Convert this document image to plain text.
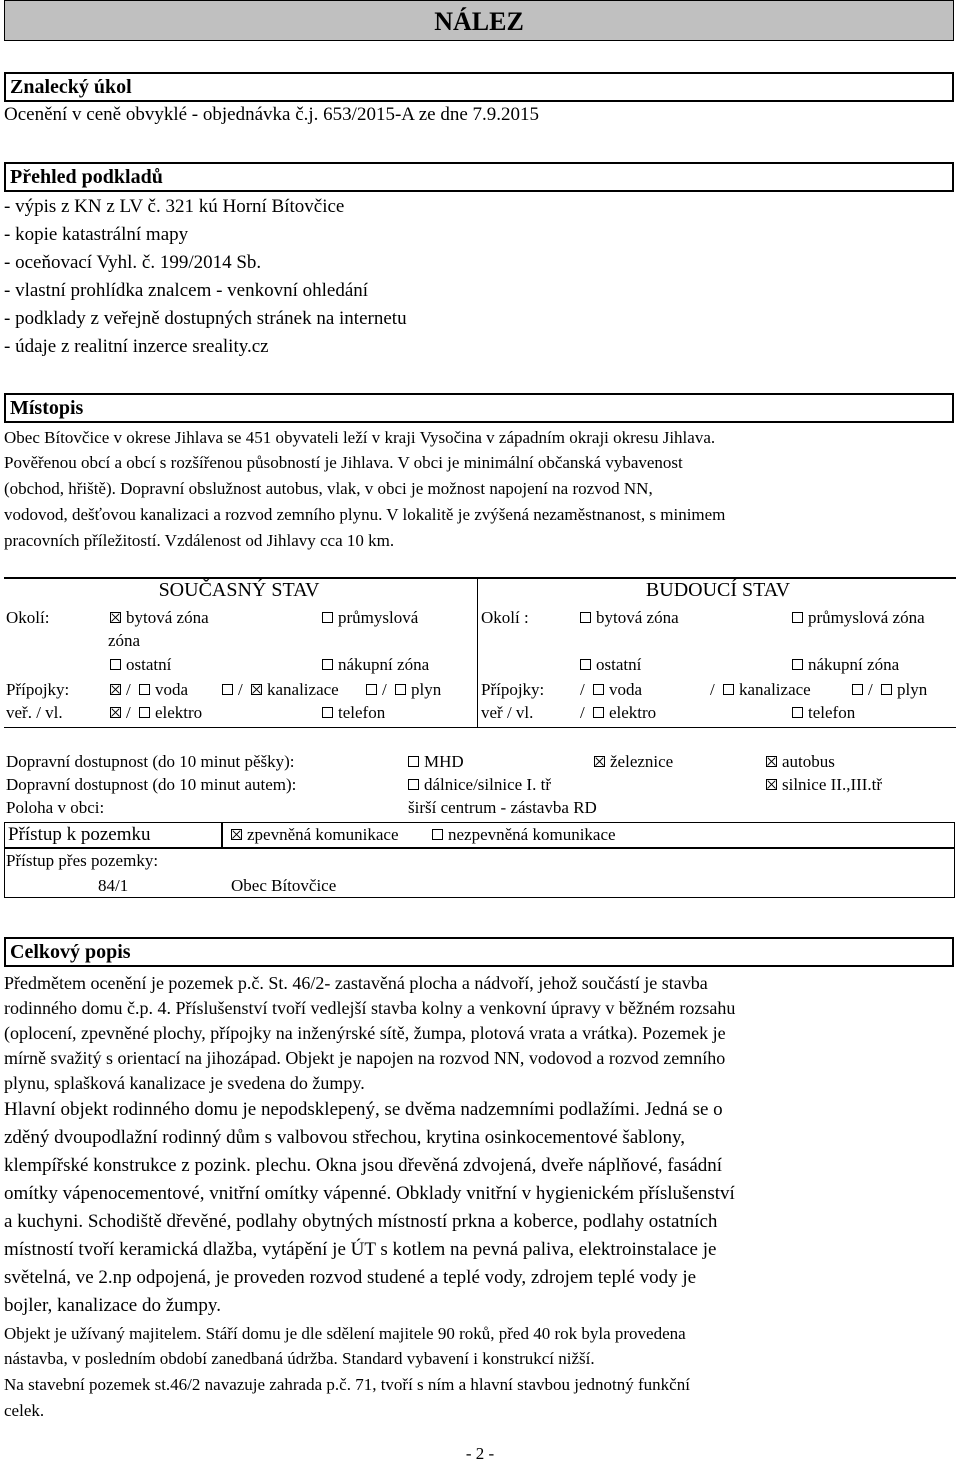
NÁLEZ
Znalecký úkol
Ocenění v ceně obvyklé - objednávka č.j. 653/2015-A ze dne 7.9.2015
Přehled podkladů
- výpis z KN z LV č. 321 kú Horní Bítovčice
- kopie katastrální mapy
- oceňovací Vyhl. č. 199/2014 Sb.
- vlastní prohlídka znalcem - venkovní ohledání
- podklady z veřejně dostupných stránek na internetu
- údaje z realitní inzerce sreality.cz
Místopis
Obec Bítovčice v okrese Jihlava se 451 obyvateli leží v kraji Vysočina v západním okraji okresu Jihlava.
Pověřenou obcí a obcí s rozšířenou působností je Jihlava. V obci je minimální občanská vybavenost
(obchod, hřiště). Dopravní obslužnost autobus, vlak, v obci je možnost napojení na rozvod NN,
vodovod, dešťovou kanalizaci a rozvod zemního plynu. V lokalitě je zvýšená nezaměstnanost, s minimem
pracovních příležitostí. Vzdálenost od Jihlavy cca 10 km.
SOUČASNÝ STAV	BUDOUCÍ STAV
Okolí:	bytová zóna	průmyslová
zóna
ostatní	nákupní zóna
Přípojky:	/ voda	/ kanalizace	/ plyn
veř. / vl.	/ elektro	telefon
Okolí :	bytová zóna	průmyslová zóna
ostatní	nákupní zóna
Přípojky: / voda	/ kanalizace	/ plyn
veř / vl.	/ elektro	telefon
Dopravní dostupnost (do 10 minut pěšky):	MHD	železnice	autobus
Dopravní dostupnost (do 10 minut autem):	dálnice/silnice I. tř	silnice II.,III.tř
Poloha v obci:	širší centrum - zástavba RD
Přístup k pozemku	zpevněná komunikace	nezpevněná komunikace
Přístup přes pozemky:
84/1	Obec Bítovčice
Celkový popis
Předmětem ocenění je pozemek p.č. St. 46/2- zastavěná plocha a nádvoří, jehož součástí je stavba
rodinného domu č.p. 4. Příslušenství tvoří vedlejší stavba kolny a venkovní úpravy v běžném rozsahu
(oplocení, zpevněné plochy, přípojky na inženýrské sítě, žumpa, plotová vrata a vrátka). Pozemek je
mírně svažitý s orientací na jihozápad. Objekt je napojen na rozvod NN, vodovod a rozvod zemního
plynu, splašková kanalizace je svedena do žumpy.
Hlavní objekt rodinného domu je nepodsklepený, se dvěma nadzemními podlažími. Jedná se o
zděný dvoupodlažní rodinný dům s valbovou střechou, krytina osinkocementové šablony,
klempířské konstrukce z pozink. plechu. Okna jsou dřevěná zdvojená, dveře náplňové, fasádní
omítky vápenocementové, vnitřní omítky vápenné. Obklady vnitřní v hygienickém příslušenství
a kuchyni. Schodiště dřevěné, podlahy obytných místností prkna a koberce, podlahy ostatních
místností tvoří keramická dlažba, vytápění je ÚT s kotlem na pevná paliva, elektroinstalace je
světelná, ve 2.np odpojená, je proveden rozvod studené a teplé vody, zdrojem teplé vody je
bojler, kanalizace do žumpy.
Objekt je užívaný majitelem. Stáří domu je dle sdělení majitele 90 roků, před 40 rok byla provedena
nástavba, v posledním období zanedbaná údržba. Standard vybavení i konstrukcí nižší.
Na stavební pozemek st.46/2 navazuje zahrada p.č. 71, tvoří s ním a hlavní stavbou jednotný funkční
celek.
- 2 -
